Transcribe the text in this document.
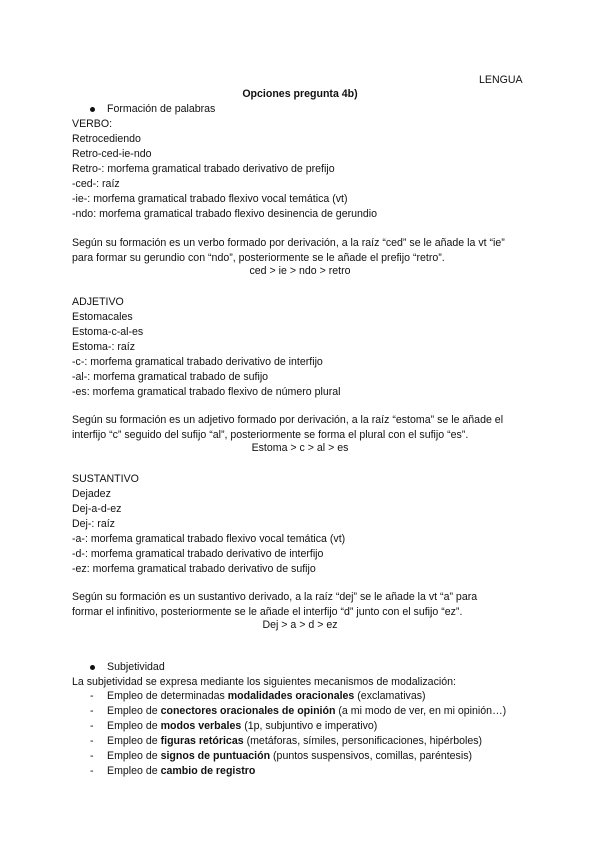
LENGUA
Opciones pregunta 4b)
Formación de palabras
VERBO:
Retrocediendo
Retro-ced-ie-ndo
Retro-: morfema gramatical trabado derivativo de prefijo
-ced-: raíz
-ie-: morfema gramatical trabado flexivo vocal temática (vt)
-ndo: morfema gramatical trabado flexivo desinencia de gerundio
Según su formación es un verbo formado por derivación, a la raíz “ced” se le añade la vt “ie”
para formar su gerundio con “ndo”, posteriormente se le añade el prefijo “retro”.
ced > ie > ndo > retro
ADJETIVO
Estomacales
Estoma-c-al-es
Estoma-: raíz
-c-: morfema gramatical trabado derivativo de interfijo
-al-: morfema gramatical trabado de sufijo
-es: morfema gramatical trabado flexivo de número plural
Según su formación es un adjetivo formado por derivación, a la raíz “estoma” se le añade el
interfijo “c” seguido del sufijo “al”, posteriormente se forma el plural con el sufijo “es”.
Estoma > c > al > es
SUSTANTIVO
Dejadez
Dej-a-d-ez
Dej-: raíz
-a-: morfema gramatical trabado flexivo vocal temática (vt)
-d-: morfema gramatical trabado derivativo de interfijo
-ez: morfema gramatical trabado derivativo de sufijo
Según su formación es un sustantivo derivado, a la raíz “dej” se le añade la vt “a” para
formar el infinitivo, posteriormente se le añade el interfijo “d” junto con el sufijo “ez”.
Dej > a > d > ez
Subjetividad
La subjetividad se expresa mediante los siguientes mecanismos de modalización:
- Empleo de determinadas modalidades oracionales (exclamativas)
- Empleo de conectores oracionales de opinión (a mi modo de ver, en mi opinión…)
- Empleo de modos verbales (1p, subjuntivo e imperativo)
- Empleo de figuras retóricas (metáforas, símiles, personificaciones, hipérboles)
- Empleo de signos de puntuación (puntos suspensivos, comillas, paréntesis)
- Empleo de cambio de registro
